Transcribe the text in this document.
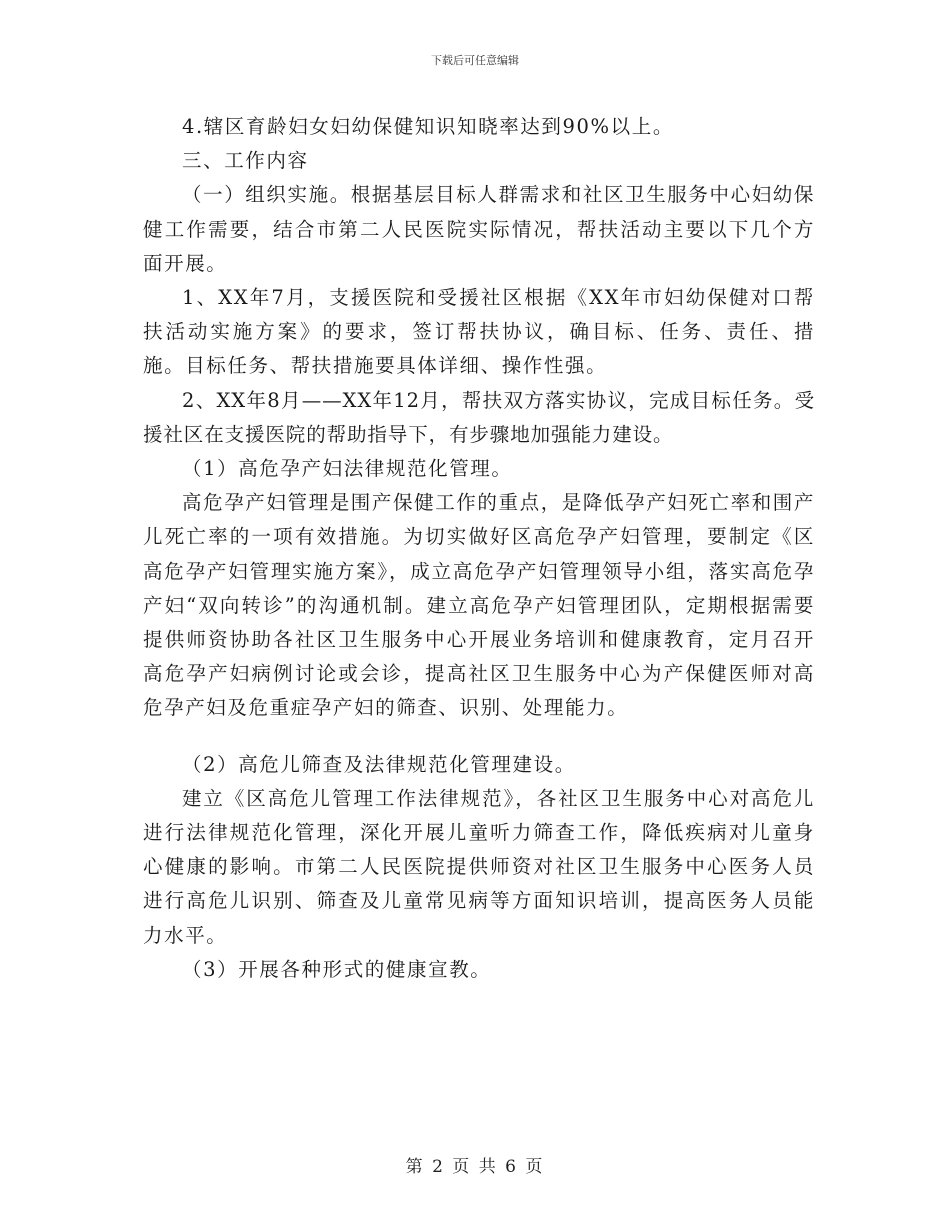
下载后可任意编辑

4.辖区育龄妇女妇幼保健知识知晓率达到90%以上。

三、工作内容

（一）组织实施。根据基层目标人群需求和社区卫生服务中心妇幼保健工作需要，结合市第二人民医院实际情况，帮扶活动主要以下几个方面开展。

1、XX年7月，支援医院和受援社区根据《XX年市妇幼保健对口帮扶活动实施方案》的要求，签订帮扶协议，确目标、任务、责任、措施。目标任务、帮扶措施要具体详细、操作性强。

2、XX年8月——XX年12月，帮扶双方落实协议，完成目标任务。受援社区在支援医院的帮助指导下，有步骤地加强能力建设。

（1）高危孕产妇法律规范化管理。

高危孕产妇管理是围产保健工作的重点，是降低孕产妇死亡率和围产儿死亡率的一项有效措施。为切实做好区高危孕产妇管理，要制定《区高危孕产妇管理实施方案》，成立高危孕产妇管理领导小组，落实高危孕产妇“双向转诊”的沟通机制。建立高危孕产妇管理团队，定期根据需要提供师资协助各社区卫生服务中心开展业务培训和健康教育，定月召开高危孕产妇病例讨论或会诊，提高社区卫生服务中心为产保健医师对高危孕产妇及危重症孕产妇的筛查、识别、处理能力。

（2）高危儿筛查及法律规范化管理建设。

建立《区高危儿管理工作法律规范》，各社区卫生服务中心对高危儿进行法律规范化管理，深化开展儿童听力筛查工作，降低疾病对儿童身心健康的影响。市第二人民医院提供师资对社区卫生服务中心医务人员进行高危儿识别、筛查及儿童常见病等方面知识培训，提高医务人员能力水平。

（3）开展各种形式的健康宣教。

第 2 页 共 6 页
